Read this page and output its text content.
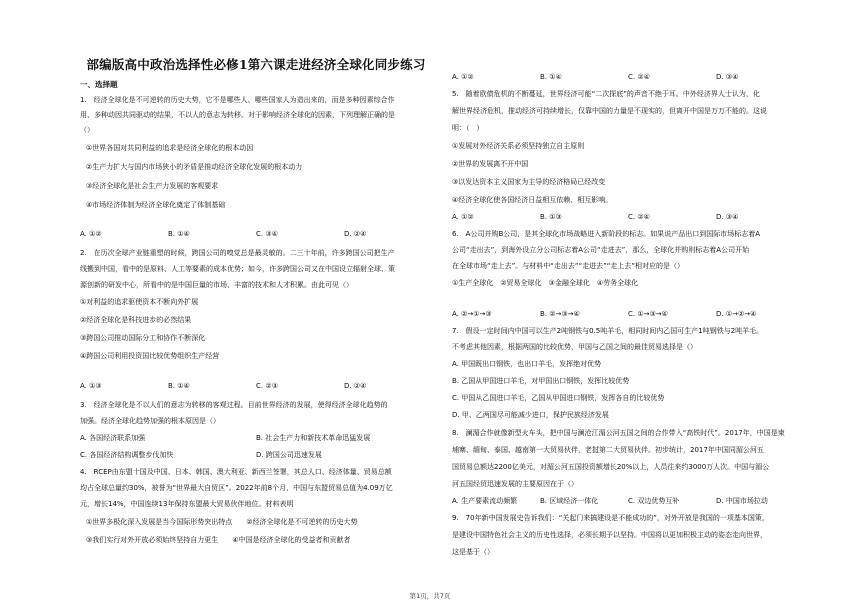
部编版高中政治选择性必修1第六课走进经济全球化同步练习
一、选择题
1.　经济全球化是不可逆转的历史大势，它不是哪些人、哪些国家人为造出来的，而是多种因素综合作
用、多种动因共同驱动的结果，不以人的意志为转移。对于影响经济全球化的因素，下列理解正确的是
（）
①世界各国对共同利益的追求是经济全球化的根本动因
②生产力扩大与国内市场狭小的矛盾是推动经济全球化发展的根本动力
③经济全球化是社会生产力发展的客观要求
④市场经济体制为经济全球化奠定了体制基础
A. ①②	B. ①④	C. ③④	D. ②④
2.　在历次全球产业链重塑的时候，跨国公司的嗅觉总是最灵敏的。二三十年前，许多跨国公司把生产
线搬到中国，看中的是原料、人工等要素的成本优势；如今，许多跨国公司又在中国设立辐射全球、策
源创新的研发中心，所看中的是中国巨量的市场、丰富的技术和人才积累。由此可见（）
①对利益的追求驱使资本不断向外扩展
②经济全球化是科技进步的必然结果
③跨国公司推动国际分工和协作不断深化
④跨国公司利用投资国比较优势组织生产经营
A. ①③	B. ①④	C. ②③	D. ②④
3.　经济全球化是不以人们的意志为转移的客观过程。目前世界经济的发展，使得经济全球化趋势的
加强。经济全球化趋势加强的根本原因是（）
A. 各国经济联系加强	B. 社会生产力和新技术革命迅猛发展
C. 各国经济结构调整步伐加快	D. 跨国公司迅速发展
4.　RCEP由东盟十国及中国、日本、韩国、澳大利亚、新西兰签署，其总人口、经济体量、贸易总额
均占全球总量约30%，被誉为“世界最大自贸区”。2022年前8个月，中国与东盟贸易总值为4.09万亿
元，增长14%，中国连续13年保持东盟最大贸易伙伴地位。材料表明
①世界多极化深入发展是当今国际形势突出特点　　②经济全球化是不可逆转的历史大势
③我们实行对外开放必须始终坚持自力更生　　④中国是经济全球化的受益者和贡献者
A. ①②	B. ①④	C. ②④	D. ③④
5.　随着欧债危机的不断蔓延，世界经济可能“二次探底”的声音不绝于耳。中外经济界人士认为，化
解世界经济危机，推动经济可持续增长，仅靠中国的力量是不现实的，但离开中国是万万不能的。这说
明：（　）
①发展对外经济关系必须坚持独立自主原则
②世界的发展离不开中国
③以发达资本主义国家为主导的经济格局已经改变
④经济全球化使各国经济日益相互依赖、相互影响。
A. ①②	B. ①③	C. ②④	D. ③④
6.　A公司并购B公司，是其全球化市场战略进入新阶段的标志。如果说产品出口到国际市场标志着A
公司“走出去”，到海外设立分公司标志着A公司“走进去”，那么，全球化并购则标志着A公司开始
在全球市场“走上去”。与材料中“走出去”“走进去”“走上去”相对应的是（）
①生产全球化　②贸易全球化　③金融全球化　④劳务全球化
A. ②→①→③	B. ②→③→④	C. ①→③→④	D. ①→②→④
7.　假设一定时间内中国可以生产2吨钢铁与0.5吨羊毛，相同时间内乙国可生产1吨钢铁与2吨羊毛。
不考虑其他因素，根据两国的比较优势，甲国与乙国之间的最佳贸易选择是（）
A. 甲国既出口钢铁，也出口羊毛，发挥绝对优势
B. 乙国从甲国进口羊毛，对甲国出口钢铁，发挥比较优势
C. 甲国从乙国进口羊毛，乙国从甲国进口钢铁，发挥各自的比较优势
D. 甲、乙两国尽可能减少进口，保护民族经济发展
8.　澜湄合作就像新型火车头，把中国与澜沧江湄公河五国之间的合作带入“高铁时代”。2017年，中国是柬
埔寨、缅甸、泰国、越南第一大贸易伙伴，老挝第二大贸易伙伴。初步统计，2017年中国同湄公河五
国贸易总额达2200亿美元，对湄公河五国投资额增长20%以上，人员往来约3000万人次。中国与湄公
河五国经贸迅速发展的主要原因在于（）
A. 生产要素流动频繁	B. 区域经济一体化	C. 双边优势互补	D. 中国市场拉动
9.　70年新中国发展史告诉我们：“关起门来搞建设是不能成功的”，对外开放是我国的一项基本国策，
是建设中国特色社会主义的历史性选择，必须长期予以坚持。中国将以更加积极主动的姿态走向世界，
这是基于（）
第1页，共7页
